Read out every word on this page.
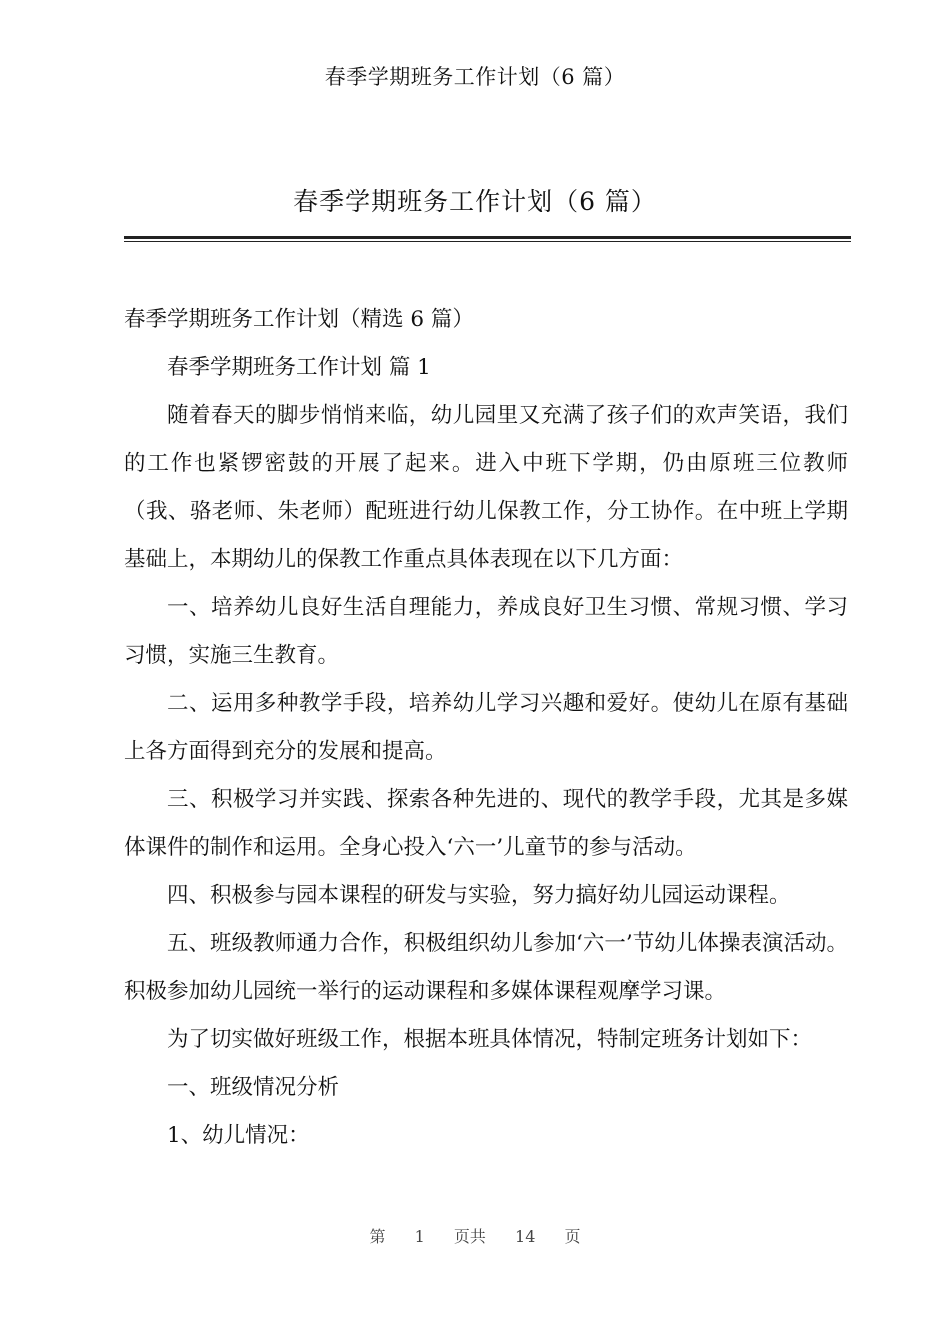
春季学期班务工作计划（6 篇）
春季学期班务工作计划（6 篇）

春季学期班务工作计划（精选 6 篇）

春季学期班务工作计划 篇 1

随着春天的脚步悄悄来临，幼儿园里又充满了孩子们的欢声笑语，我们的工作也紧锣密鼓的开展了起来。进入中班下学期，仍由原班三位教师（我、骆老师、朱老师）配班进行幼儿保教工作，分工协作。在中班上学期基础上，本期幼儿的保教工作重点具体表现在以下几方面：

一、培养幼儿良好生活自理能力，养成良好卫生习惯、常规习惯、学习习惯，实施三生教育。

二、运用多种教学手段，培养幼儿学习兴趣和爱好。使幼儿在原有基础上各方面得到充分的发展和提高。

三、积极学习并实践、探索各种先进的、现代的教学手段，尤其是多媒体课件的制作和运用。全身心投入‘六一’儿童节的参与活动。

四、积极参与园本课程的研发与实验，努力搞好幼儿园运动课程。

五、班级教师通力合作，积极组织幼儿参加‘六一’节幼儿体操表演活动。积极参加幼儿园统一举行的运动课程和多媒体课程观摩学习课。

为了切实做好班级工作，根据本班具体情况，特制定班务计划如下：

一、班级情况分析

1、幼儿情况：

第 1 页共 14 页
